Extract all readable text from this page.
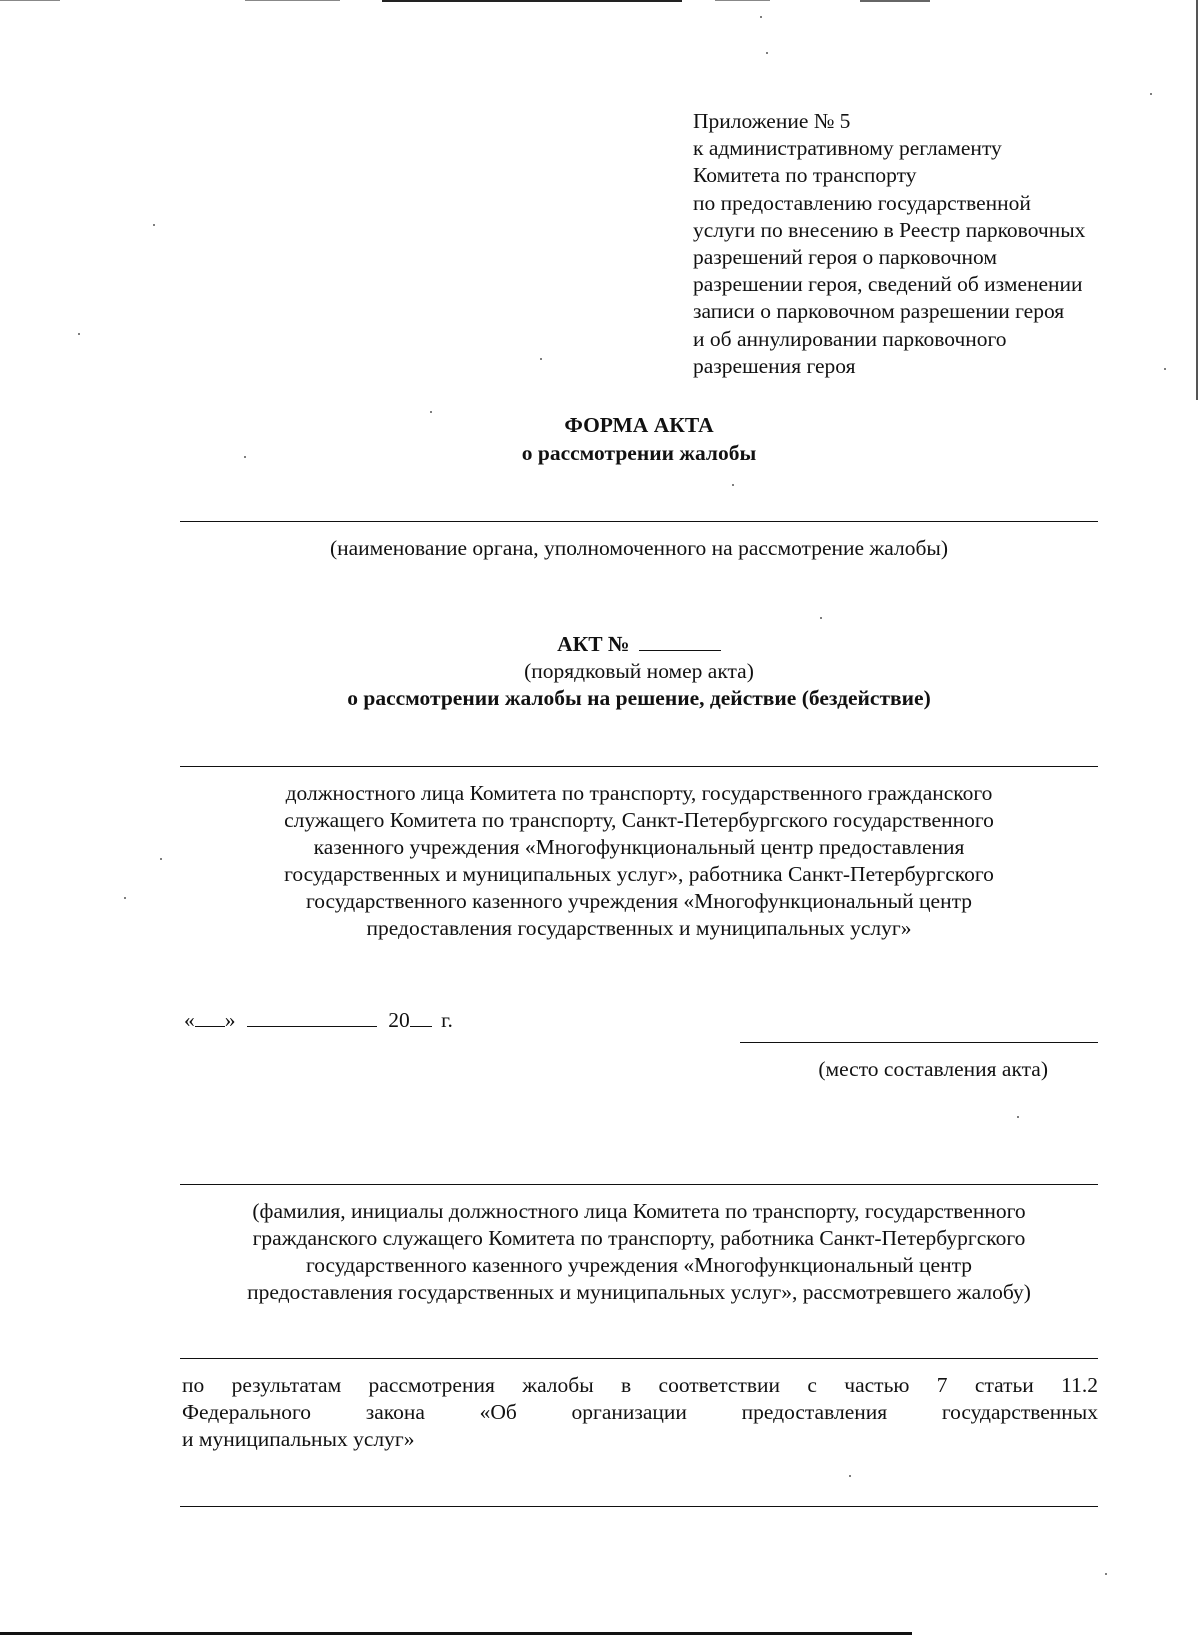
Приложение № 5
к административному регламенту
Комитета по транспорту
по предоставлению государственной
услуги по внесению в Реестр парковочных
разрешений героя о парковочном
разрешении героя, сведений об изменении
записи о парковочном разрешении героя
и об аннулировании парковочного
разрешения героя
ФОРМА АКТА
о рассмотрении жалобы
(наименование органа, уполномоченного на рассмотрение жалобы)
АКТ №
(порядковый номер акта)
о рассмотрении жалобы на решение, действие (бездействие)
должностного лица Комитета по транспорту, государственного гражданского
служащего Комитета по транспорту, Санкт-Петербургского государственного
казенного учреждения «Многофункциональный центр предоставления
государственных и муниципальных услуг», работника Санкт-Петербургского
государственного казенного учреждения «Многофункциональный центр
предоставления государственных и муниципальных услуг»
« »	20 г.
(место составления акта)
(фамилия, инициалы должностного лица Комитета по транспорту, государственного
гражданского служащего Комитета по транспорту, работника Санкт-Петербургского
государственного казенного учреждения «Многофункциональный центр
предоставления государственных и муниципальных услуг», рассмотревшего жалобу)
по результатам рассмотрения жалобы в соответствии с частью 7 статьи 11.2
Федерального закона «Об организации предоставления государственных
и муниципальных услуг»
